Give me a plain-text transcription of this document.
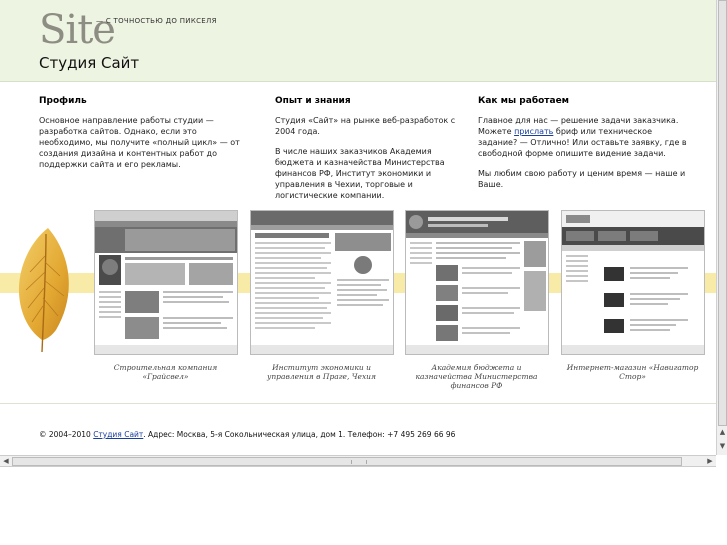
Site
— С ТОЧНОСТЬЮ ДО ПИКСЕЛЯ
Студия Сайт
▲
▼
Профиль

Основное направление работы студии — разработка сайтов. Однако, если это необходимо, мы получите «полный цикл» — от создания дизайна и контентных работ до поддержки сайта и его рекламы.

Опыт и знания

Студия «Сайт» на рынке веб-разработок с 2004 года.

В числе наших заказчиков Академия бюджета и казначейства Министерства финансов РФ, Институт экономики и управления в Чехии, торговые и логистические компании.

Как мы работаем

Главное для нас — решение задачи заказчика. Можете прислать бриф или техническое задание? — Отлично! Или оставьте заявку, где в свободной форме опишите видение задачи.

Мы любим свою работу и ценим время — наше и Ваше.

Строительная компания «Грайсвел»
Институт экономики и управления в Праге, Чехия
Академия бюджета и казначейства Министерства финансов РФ
Интернет-магазин «Навигатор Стор»
© 2004–2010 Студия Сайт. Адрес: Москва, 5-я Сокольническая улица, дом 1. Телефон: +7 495 269 66 96
◀	▶
